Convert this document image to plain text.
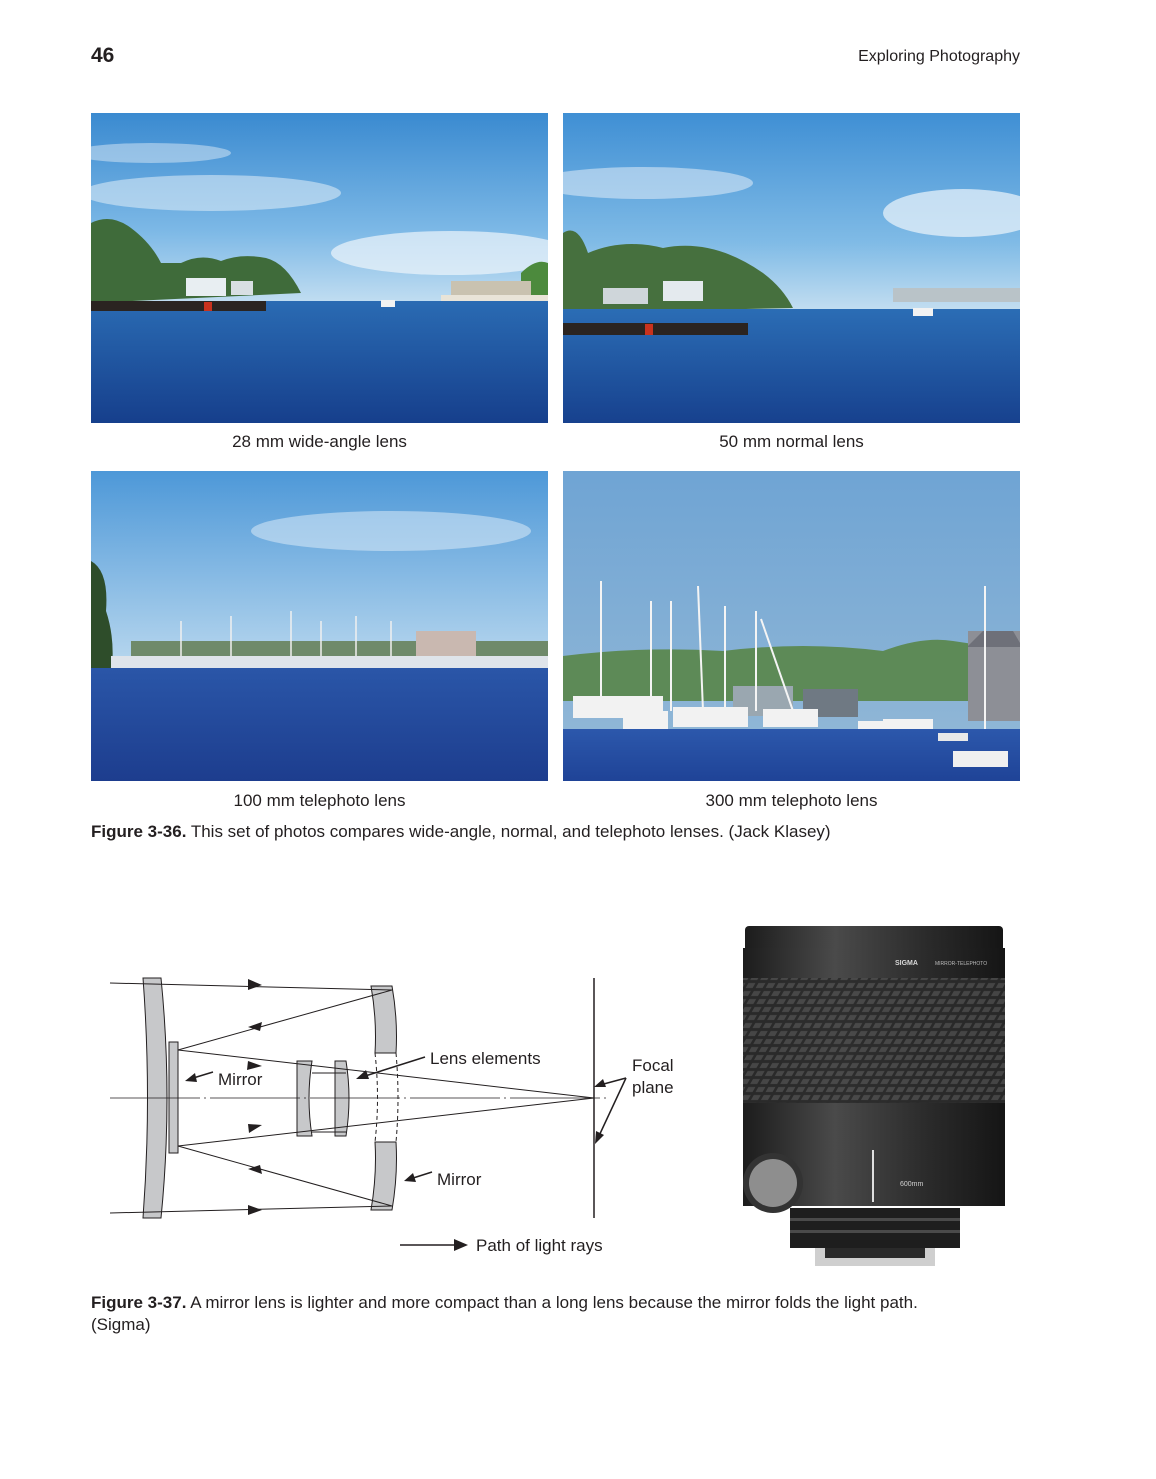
46	Exploring Photography
28 mm wide-angle lens	50 mm normal lens
100 mm telephoto lens	300 mm telephoto lens
Figure 3-36. This set of photos compares wide-angle, normal, and telephoto lenses. (Jack Klasey)
Mirror
Lens elements	Focal
plane
Mirror
Path of light rays
SIGMA	MIRROR-TELEPHOTO
600mm
Figure 3-37. A mirror lens is lighter and more compact than a long lens because the mirror folds the light path.
(Sigma)
